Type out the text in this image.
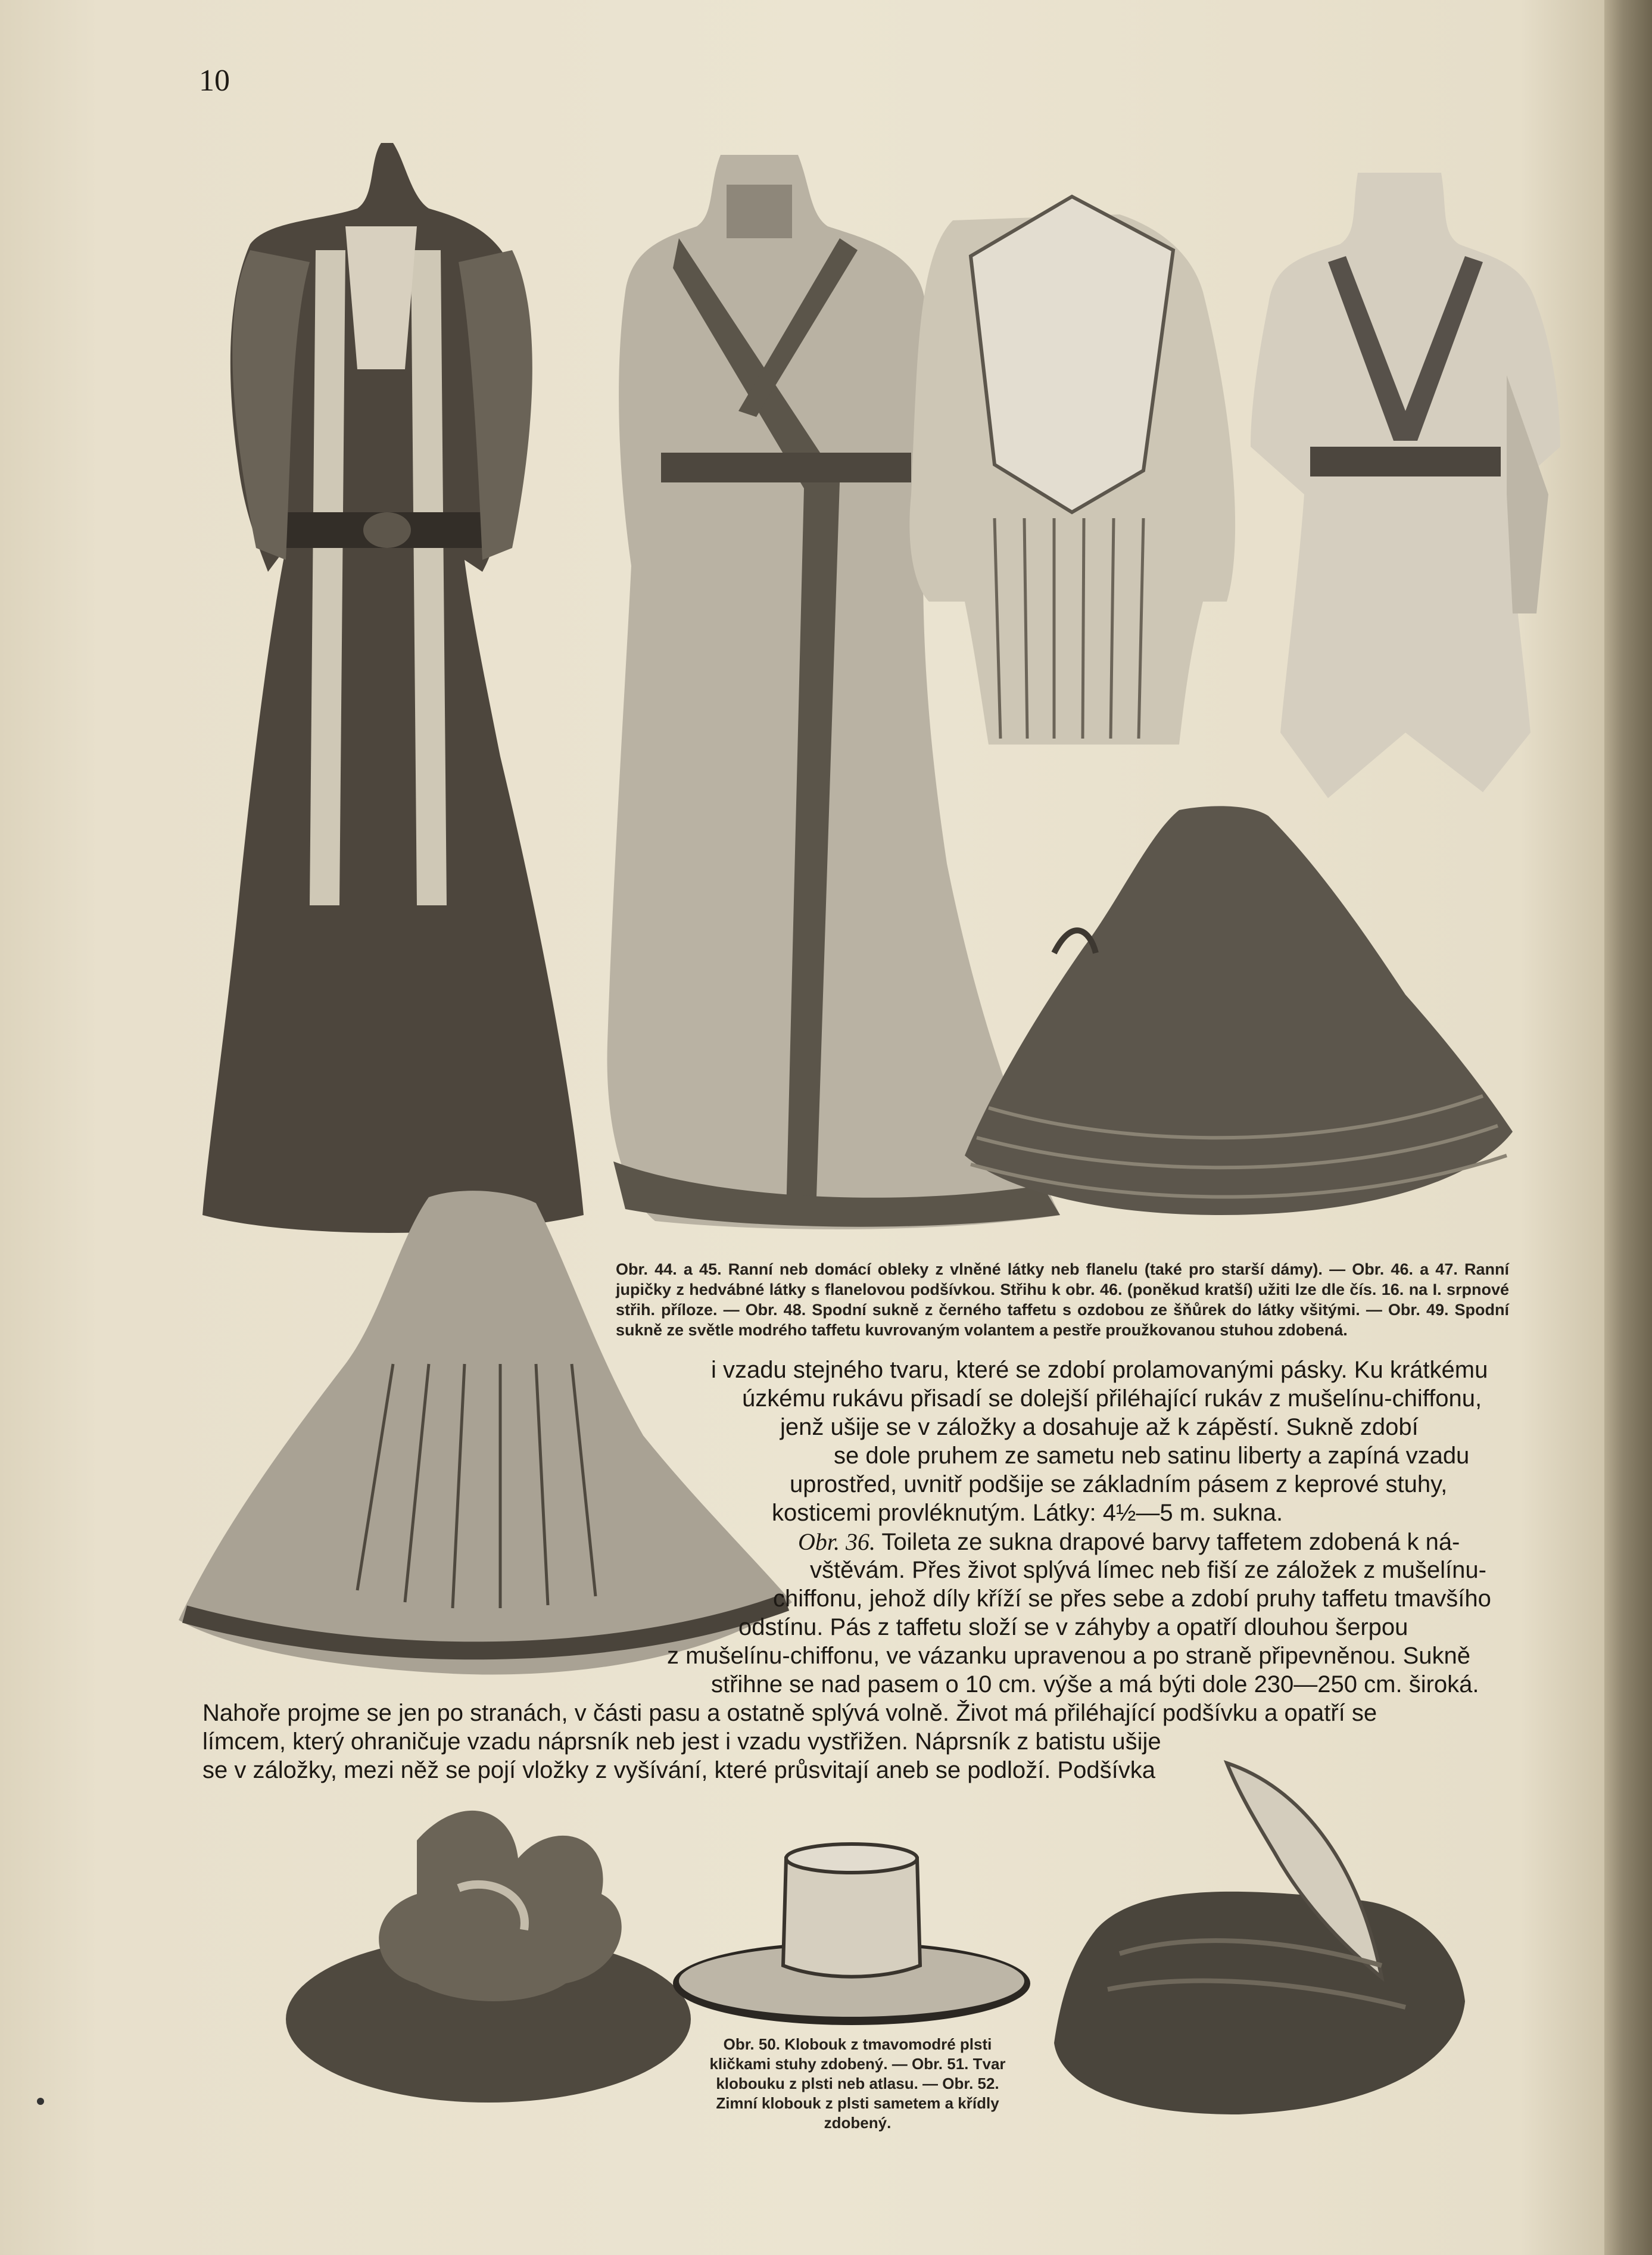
10
Obr. 44. a 45. Ranní neb domácí obleky z vlněné látky neb flanelu (také pro starší dámy). — Obr. 46. a 47. Ranní jupičky z hedvábné látky s flanelovou podšívkou. Střihu k obr. 46. (poněkud kratší) užiti lze dle čís. 16. na I. srpnové střih. příloze. — Obr. 48. Spodní sukně z černého taffetu s ozdobou ze šňůrek do látky všitými. — Obr. 49. Spodní sukně ze světle modrého taffetu kuvrovaným volantem a pestře proužkovanou stuhou zdobená.
Obr. 50. Klobouk z tmavomodré plsti kličkami stuhy zdobený. — Obr. 51. Tvar klobouku z plsti neb atlasu. — Obr. 52. Zimní klobouk z plsti sametem a křídly zdobený.
i vzadu stejného tvaru, které se zdobí prolamovanými pásky. Ku krátkému
úzkému rukávu přisadí se dolejší přiléhající rukáv z mušelínu-chiffonu,
jenž ušije se v záložky a dosahuje až k zápěstí. Sukně zdobí
se dole pruhem ze sametu neb satinu liberty a zapíná vzadu
uprostřed, uvnitř podšije se základním pásem z keprové stuhy,
kosticemi provléknutým. Látky: 4½—5 m. sukna.
Obr. 36. Toileta ze sukna drapové barvy taffetem zdobená k ná-
vštěvám. Přes život splývá límec neb fiší ze záložek z mušelínu-
chiffonu, jehož díly kříží se přes sebe a zdobí pruhy taffetu tmavšího
odstínu. Pás z taffetu složí se v záhyby a opatří dlouhou šerpou
z mušelínu-chiffonu, ve vázanku upravenou a po straně připevněnou. Sukně
střihne se nad pasem o 10 cm. výše a má býti dole 230—250 cm. široká.
Nahoře projme se jen po stranách, v části pasu a ostatně splývá volně. Život má přiléhající podšívku a opatří se
límcem, který ohraničuje vzadu náprsník neb jest i vzadu vystřižen. Náprsník z batistu ušije
se v záložky, mezi něž se pojí vložky z vyšívání, které průsvitají aneb se podloží. Podšívka
